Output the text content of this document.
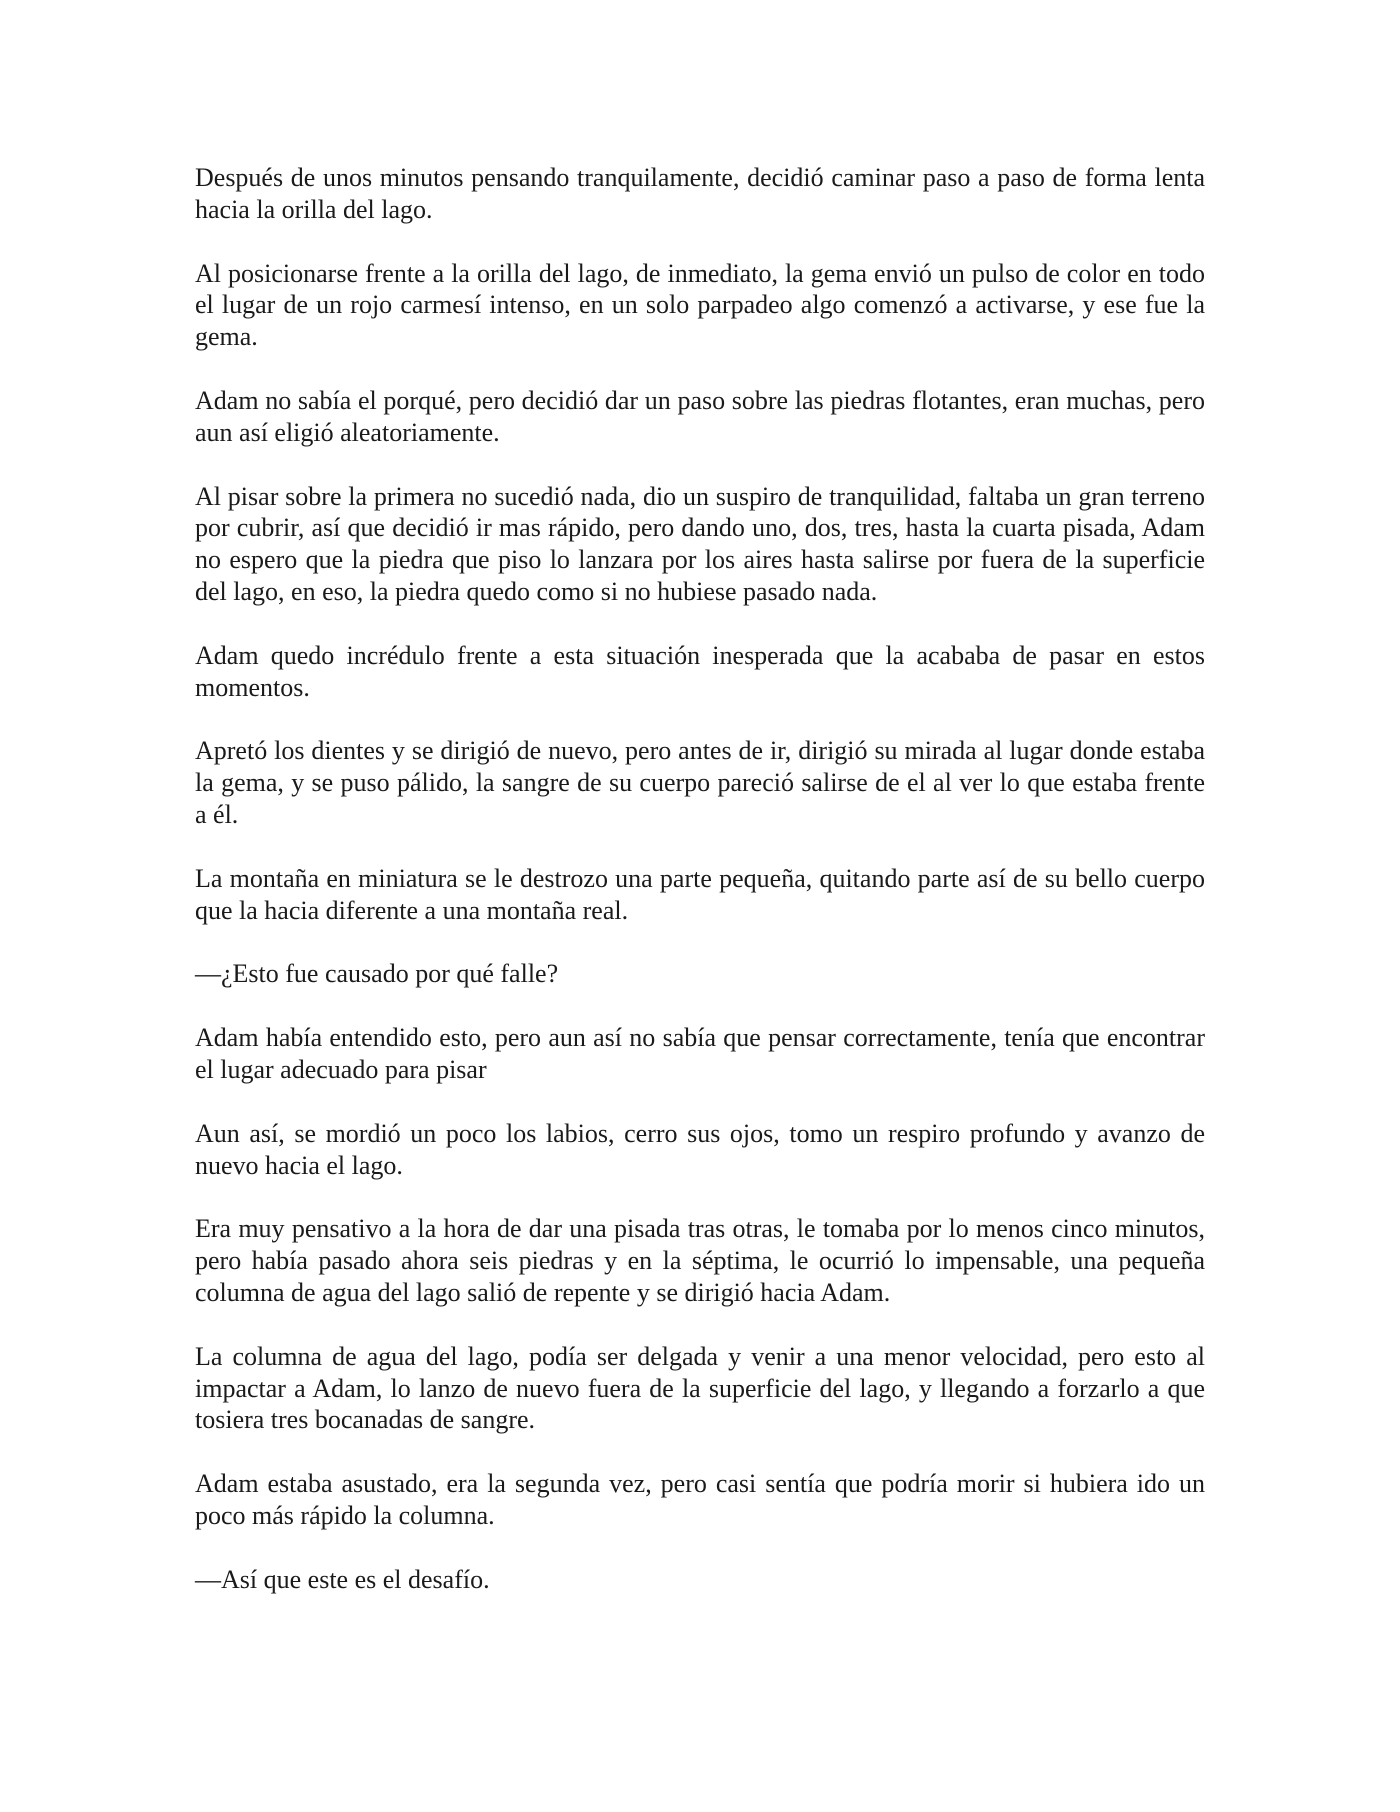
Después de unos minutos pensando tranquilamente, decidió caminar paso a paso de forma lenta hacia la orilla del lago.

Al posicionarse frente a la orilla del lago, de inmediato, la gema envió un pulso de color en todo el lugar de un rojo carmesí intenso, en un solo parpadeo algo comenzó a activarse, y ese fue la gema.

Adam no sabía el porqué, pero decidió dar un paso sobre las piedras flotantes, eran muchas, pero aun así eligió aleatoriamente.

Al pisar sobre la primera no sucedió nada, dio un suspiro de tranquilidad, faltaba un gran terreno por cubrir, así que decidió ir mas rápido, pero dando uno, dos, tres, hasta la cuarta pisada, Adam no espero que la piedra que piso lo lanzara por los aires hasta salirse por fuera de la superficie del lago, en eso, la piedra quedo como si no hubiese pasado nada.

Adam quedo incrédulo frente a esta situación inesperada que la acababa de pasar en estos momentos.

Apretó los dientes y se dirigió de nuevo, pero antes de ir, dirigió su mirada al lugar donde estaba la gema, y se puso pálido, la sangre de su cuerpo pareció salirse de el al ver lo que estaba frente a él.

La montaña en miniatura se le destrozo una parte pequeña, quitando parte así de su bello cuerpo que la hacia diferente a una montaña real.

—¿Esto fue causado por qué falle?

Adam había entendido esto, pero aun así no sabía que pensar correctamente, tenía que encontrar el lugar adecuado para pisar

Aun así, se mordió un poco los labios, cerro sus ojos, tomo un respiro profundo y avanzo de nuevo hacia el lago.

Era muy pensativo a la hora de dar una pisada tras otras, le tomaba por lo menos cinco minutos, pero había pasado ahora seis piedras y en la séptima, le ocurrió lo impensable, una pequeña columna de agua del lago salió de repente y se dirigió hacia Adam.

La columna de agua del lago, podía ser delgada y venir a una menor velocidad, pero esto al impactar a Adam, lo lanzo de nuevo fuera de la superficie del lago, y llegando a forzarlo a que tosiera tres bocanadas de sangre.

Adam estaba asustado, era la segunda vez, pero casi sentía que podría morir si hubiera ido un poco más rápido la columna.

—Así que este es el desafío.
